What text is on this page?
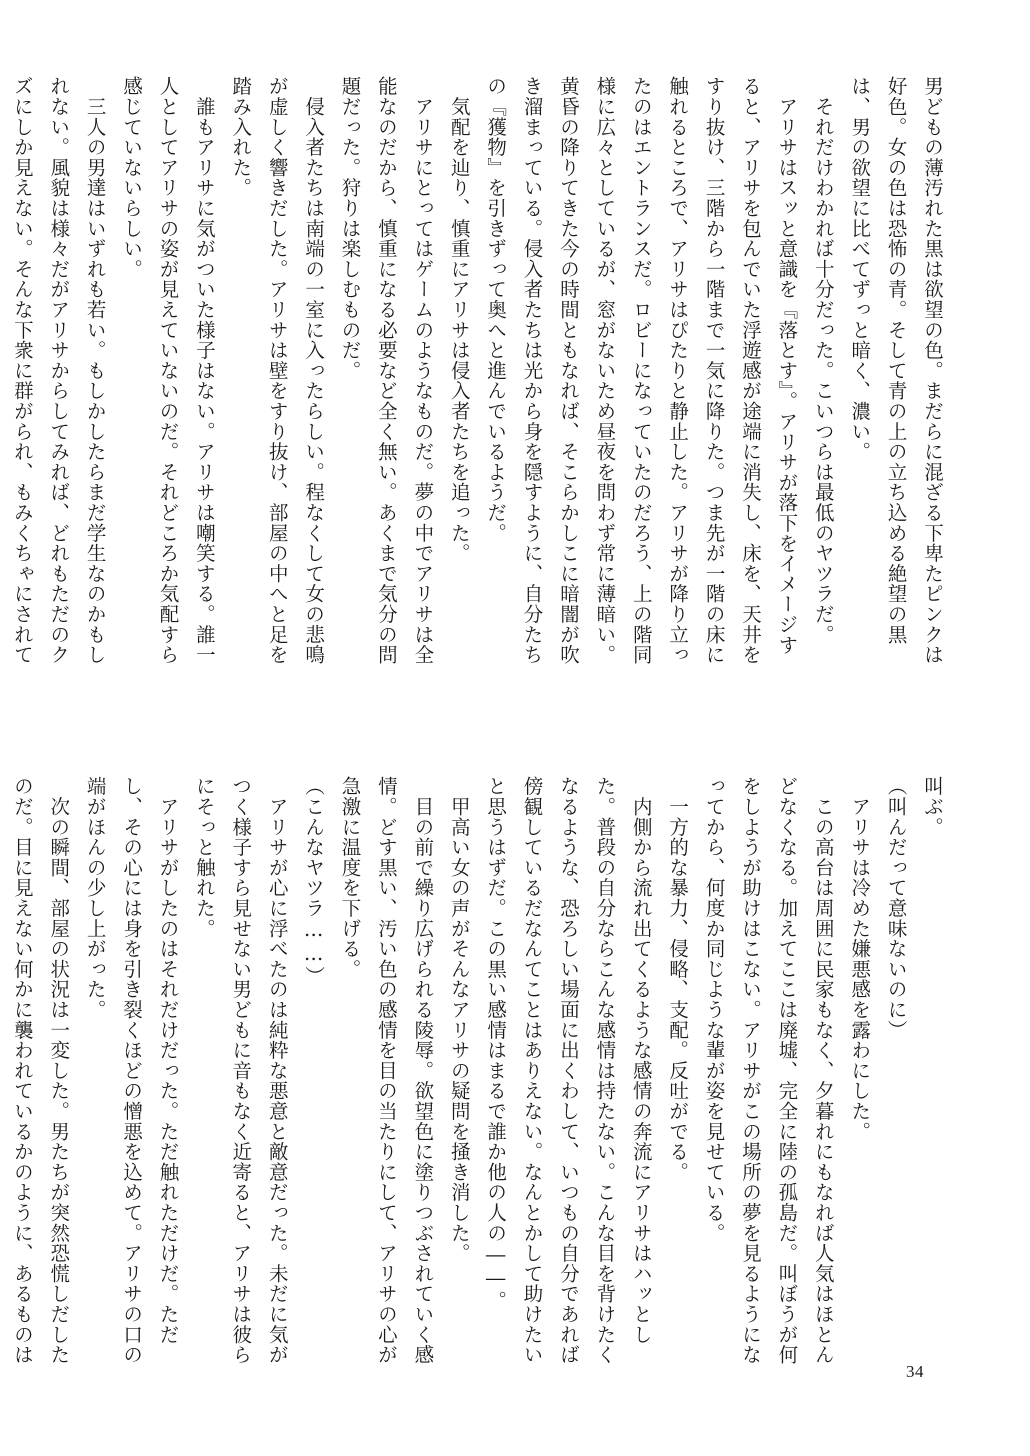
男どもの薄汚れた黒は欲望の色。まだらに混ざる下卑たピンクは
好色。女の色は恐怖の青。そして青の上の立ち込める絶望の黒
は、男の欲望に比べてずっと暗く、濃い。
　それだけわかれば十分だった。こいつらは最低のヤツラだ。
　アリサはスッと意識を『落とす』。アリサが落下をイメージす
ると、アリサを包んでいた浮遊感が途端に消失し、床を、天井を
すり抜け、三階から一階まで一気に降りた。つま先が一階の床に
触れるところで、アリサはぴたりと静止した。アリサが降り立っ
たのはエントランスだ。ロビーになっていたのだろう、上の階同
様に広々としているが、窓がないため昼夜を問わず常に薄暗い。
黄昏の降りてきた今の時間ともなれば、そこらかしこに暗闇が吹
き溜まっている。侵入者たちは光から身を隠すように、自分たち
の『獲物』を引きずって奥へと進んでいるようだ。
　気配を辿り、慎重にアリサは侵入者たちを追った。
　アリサにとってはゲームのようなものだ。夢の中でアリサは全
能なのだから、慎重になる必要など全く無い。あくまで気分の問
題だった。狩りは楽しむものだ。
　侵入者たちは南端の一室に入ったらしい。程なくして女の悲鳴
が虚しく響きだした。アリサは壁をすり抜け、部屋の中へと足を
踏み入れた。
　誰もアリサに気がついた様子はない。アリサは嘲笑する。誰一
人としてアリサの姿が見えていないのだ。それどころか気配すら
感じていないらしい。
　三人の男達はいずれも若い。もしかしたらまだ学生なのかもし
れない。風貌は様々だがアリサからしてみれば、どれもただのク
ズにしか見えない。そんな下衆に群がられ、もみくちゃにされて
叫ぶ。
（叫んだって意味ないのに）
　アリサは冷めた嫌悪感を露わにした。
　この高台は周囲に民家もなく、夕暮れにもなれば人気はほとん
どなくなる。加えてここは廃墟、完全に陸の孤島だ。叫ぼうが何
をしようが助けはこない。アリサがこの場所の夢を見るようにな
ってから、何度か同じような輩が姿を見せている。
　一方的な暴力、侵略、支配。反吐がでる。
　内側から流れ出てくるような感情の奔流にアリサはハッとし
た。普段の自分ならこんな感情は持たない。こんな目を背けたく
なるような、恐ろしい場面に出くわして、いつもの自分であれば
傍観しているだなんてことはありえない。なんとかして助けたい
と思うはずだ。この黒い感情はまるで誰か他の人の――。
　甲高い女の声がそんなアリサの疑問を掻き消した。
　目の前で繰り広げられる陵辱。欲望色に塗りつぶされていく感
情。どす黒い、汚い色の感情を目の当たりにして、アリサの心が
急激に温度を下げる。
（こんなヤツラ……）
　アリサが心に浮べたのは純粋な悪意と敵意だった。未だに気が
つく様子すら見せない男どもに音もなく近寄ると、アリサは彼ら
にそっと触れた。
　アリサがしたのはそれだけだった。ただ触れただけだ。ただ
し、その心には身を引き裂くほどの憎悪を込めて。アリサの口の
端がほんの少し上がった。
　次の瞬間、部屋の状況は一変した。男たちが突然恐慌しだした
のだ。目に見えない何かに襲われているかのように、あるものは
34
